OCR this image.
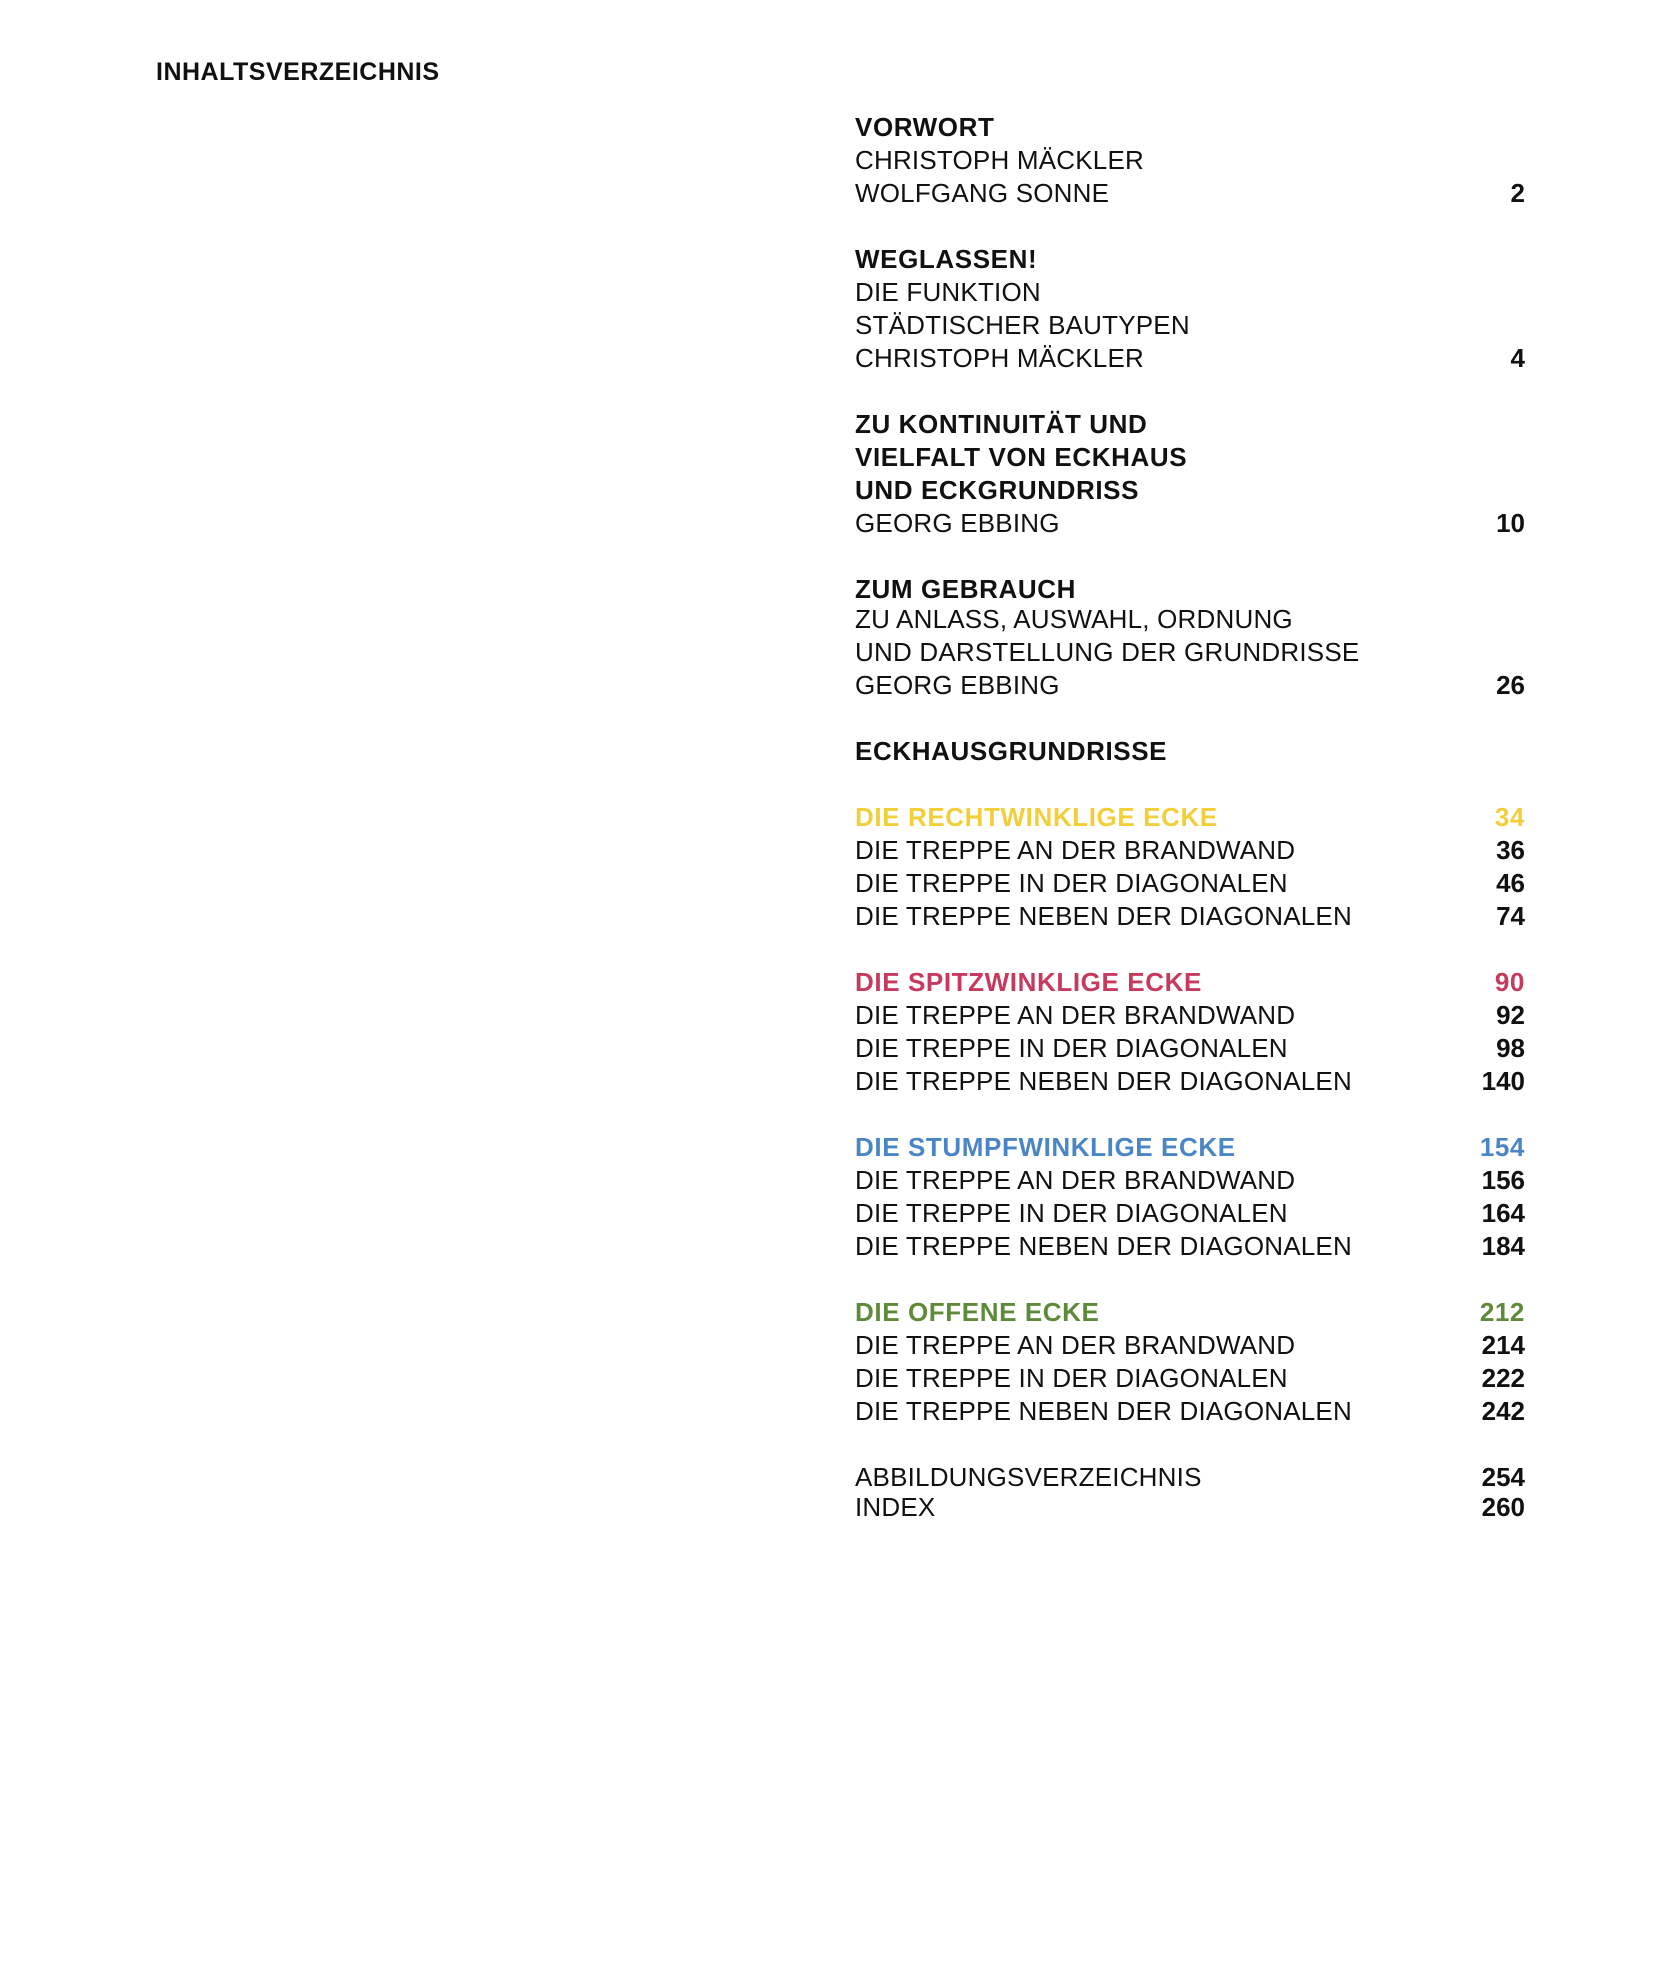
INHALTSVERZEICHNIS
VORWORT
CHRISTOPH MÄCKLER
WOLFGANG SONNE	2
WEGLASSEN!
DIE FUNKTION
STÄDTISCHER BAUTYPEN
CHRISTOPH MÄCKLER	4
ZU KONTINUITÄT UND
VIELFALT VON ECKHAUS
UND ECKGRUNDRISS
GEORG EBBING	10
ZUM GEBRAUCH
ZU ANLASS, AUSWAHL, ORDNUNG
UND DARSTELLUNG DER GRUNDRISSE
GEORG EBBING	26
ECKHAUSGRUNDRISSE
DIE RECHTWINKLIGE ECKE	34
DIE TREPPE AN DER BRANDWAND	36
DIE TREPPE IN DER DIAGONALEN	46
DIE TREPPE NEBEN DER DIAGONALEN	74
DIE SPITZWINKLIGE ECKE	90
DIE TREPPE AN DER BRANDWAND	92
DIE TREPPE IN DER DIAGONALEN	98
DIE TREPPE NEBEN DER DIAGONALEN	140
DIE STUMPFWINKLIGE ECKE	154
DIE TREPPE AN DER BRANDWAND	156
DIE TREPPE IN DER DIAGONALEN	164
DIE TREPPE NEBEN DER DIAGONALEN	184
DIE OFFENE ECKE	212
DIE TREPPE AN DER BRANDWAND	214
DIE TREPPE IN DER DIAGONALEN	222
DIE TREPPE NEBEN DER DIAGONALEN	242
ABBILDUNGSVERZEICHNIS	254
INDEX	260
